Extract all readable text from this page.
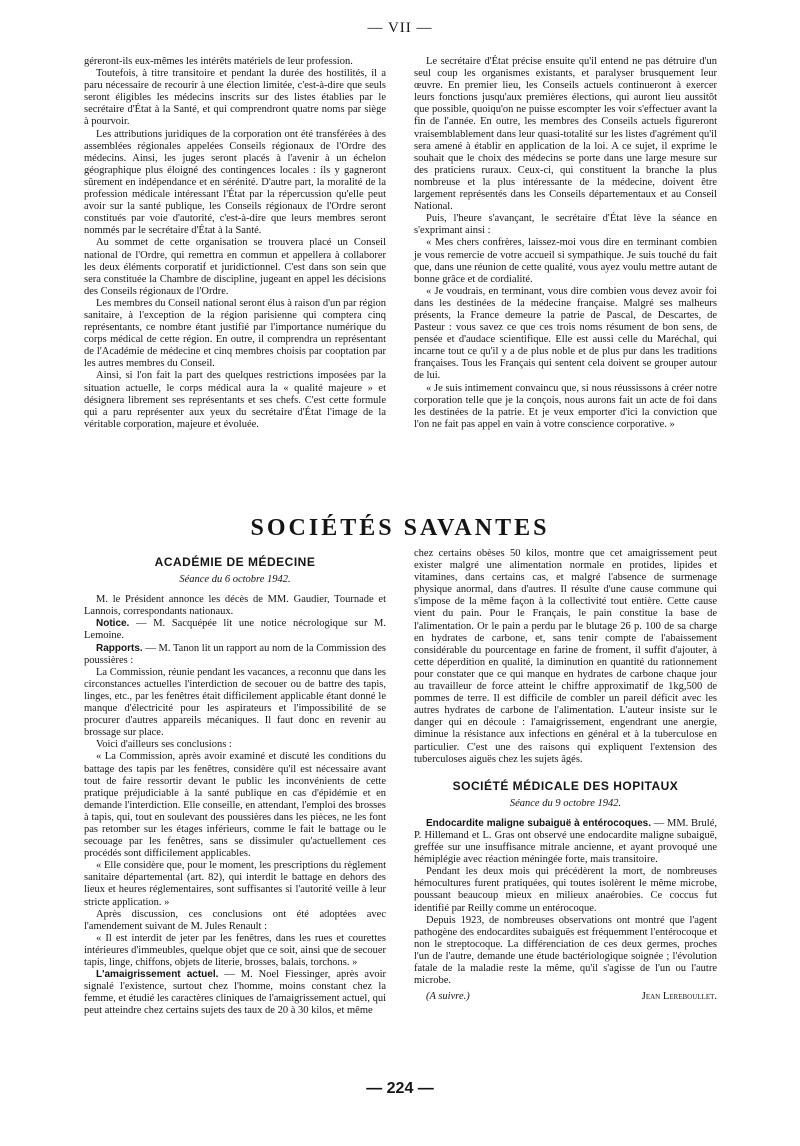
— VII —

géreront-ils eux-mêmes les intérêts matériels de leur profession.

Toutefois, à titre transitoire et pendant la durée des hostilités, il a paru nécessaire de recourir à une élection limitée, c'est-à-dire que seuls seront éligibles les médecins inscrits sur des listes établies par le secrétaire d'État à la Santé, et qui comprendront quatre noms par siège à pourvoir.

Les attributions juridiques de la corporation ont été transférées à des assemblées régionales appelées Conseils régionaux de l'Ordre des médecins. Ainsi, les juges seront placés à l'avenir à un échelon géographique plus éloigné des contingences locales : ils y gagneront sûrement en indépendance et en sérénité. D'autre part, la moralité de la profession médicale intéressant l'État par la répercussion qu'elle peut avoir sur la santé publique, les Conseils régionaux de l'Ordre seront constitués par voie d'autorité, c'est-à-dire que leurs membres seront nommés par le secrétaire d'État à la Santé.

Au sommet de cette organisation se trouvera placé un Conseil national de l'Ordre, qui remettra en commun et appellera à collaborer les deux éléments corporatif et juridictionnel. C'est dans son sein que sera constituée la Chambre de discipline, jugeant en appel les décisions des Conseils régionaux de l'Ordre.

Les membres du Conseil national seront élus à raison d'un par région sanitaire, à l'exception de la région parisienne qui comptera cinq représentants, ce nombre étant justifié par l'importance numérique du corps médical de cette région. En outre, il comprendra un représentant de l'Académie de médecine et cinq membres choisis par cooptation par les autres membres du Conseil.

Ainsi, si l'on fait la part des quelques restrictions imposées par la situation actuelle, le corps médical aura la « qualité majeure » et désignera librement ses représentants et ses chefs. C'est cette formule qui a paru représenter aux yeux du secrétaire d'État l'image de la véritable corporation, majeure et évoluée.

Le secrétaire d'État précise ensuite qu'il entend ne pas détruire d'un seul coup les organismes existants, et paralyser brusquement leur œuvre. En premier lieu, les Conseils actuels continueront à exercer leurs fonctions jusqu'aux premières élections, qui auront lieu aussitôt que possible, quoiqu'on ne puisse escompter les voir s'effectuer avant la fin de l'année. En outre, les membres des Conseils actuels figureront vraisemblablement dans leur quasi-totalité sur les listes d'agrément qu'il sera amené à établir en application de la loi. A ce sujet, il exprime le souhait que le choix des médecins se porte dans une large mesure sur des praticiens ruraux. Ceux-ci, qui constituent la branche la plus nombreuse et la plus intéressante de la médecine, doivent être largement représentés dans les Conseils départementaux et au Conseil National.

Puis, l'heure s'avançant, le secrétaire d'État lève la séance en s'exprimant ainsi :

« Mes chers confrères, laissez-moi vous dire en terminant combien je vous remercie de votre accueil si sympathique. Je suis touché du fait que, dans une réunion de cette qualité, vous ayez voulu mettre autant de bonne grâce et de cordialité.

« Je voudrais, en terminant, vous dire combien vous devez avoir foi dans les destinées de la médecine française. Malgré ses malheurs présents, la France demeure la patrie de Pascal, de Descartes, de Pasteur : vous savez ce que ces trois noms résument de bon sens, de pensée et d'audace scientifique. Elle est aussi celle du Maréchal, qui incarne tout ce qu'il y a de plus noble et de plus pur dans les traditions françaises. Tous les Français qui sentent cela doivent se grouper autour de lui.

« Je suis intimement convaincu que, si nous réussissons à créer notre corporation telle que je la conçois, nous aurons fait un acte de foi dans les destinées de la patrie. Et je veux emporter d'ici la conviction que l'on ne fait pas appel en vain à votre conscience corporative. »

SOCIÉTÉS SAVANTES
ACADÉMIE DE MÉDECINE
Séance du 6 octobre 1942.

M. le Président annonce les décès de MM. Gaudier, Tournade et Lannois, correspondants nationaux.

Notice. — M. Sacquépée lit une notice nécrologique sur M. Lemoine.

Rapports. — M. Tanon lit un rapport au nom de la Commission des poussières :

La Commission, réunie pendant les vacances, a reconnu que dans les circonstances actuelles l'interdiction de secouer ou de battre des tapis, linges, etc., par les fenêtres était difficilement applicable étant donné le manque d'électricité pour les aspirateurs et l'impossibilité de se procurer d'autres appareils mécaniques. Il faut donc en revenir au brossage sur place.

Voici d'ailleurs ses conclusions :

« La Commission, après avoir examiné et discuté les conditions du battage des tapis par les fenêtres, considère qu'il est nécessaire avant tout de faire ressortir devant le public les inconvénients de cette pratique préjudiciable à la santé publique en cas d'épidémie et en demande l'interdiction. Elle conseille, en attendant, l'emploi des brosses à tapis, qui, tout en soulevant des poussières dans les pièces, ne les font pas retomber sur les étages inférieurs, comme le fait le battage ou le secouage par les fenêtres, sans se dissimuler qu'actuellement ces procédés sont difficilement applicables.

« Elle considère que, pour le moment, les prescriptions du règlement sanitaire départemental (art. 82), qui interdit le battage en dehors des lieux et heures réglementaires, sont suffisantes si l'autorité veille à leur stricte application. »

Après discussion, ces conclusions ont été adoptées avec l'amendement suivant de M. Jules Renault :

« Il est interdit de jeter par les fenêtres, dans les rues et courettes intérieures d'immeubles, quelque objet que ce soit, ainsi que de secouer tapis, linge, chiffons, objets de literie, brosses, balais, torchons. »

L'amaigrissement actuel. — M. Noel Fiessinger, après avoir signalé l'existence, surtout chez l'homme, moins constant chez la femme, et étudié les caractères cliniques de l'amaigrissement actuel, qui peut atteindre chez certains sujets des taux de 20 à 30 kilos, et même

chez certains obèses 50 kilos, montre que cet amaigrissement peut exister malgré une alimentation normale en protides, lipides et vitamines, dans certains cas, et malgré l'absence de surmenage physique anormal, dans d'autres. Il résulte d'une cause commune qui s'impose de la même façon à la collectivité tout entière. Cette cause vient du pain. Pour le Français, le pain constitue la base de l'alimentation. Or le pain a perdu par le blutage 26 p. 100 de sa charge en hydrates de carbone, et, sans tenir compte de l'abaissement considérable du pourcentage en farine de froment, il suffit d'ajouter, à cette déperdition en qualité, la diminution en quantité du rationnement pour constater que ce qui manque en hydrates de carbone chaque jour au travailleur de force atteint le chiffre approximatif de 1kg,500 de pommes de terre. Il est difficile de combler un pareil déficit avec les autres hydrates de carbone de l'alimentation. L'auteur insiste sur le danger qui en découle : l'amaigrissement, engendrant une anergie, diminue la résistance aux infections en général et à la tuberculose en particulier. C'est une des raisons qui expliquent l'extension des tuberculoses aiguës chez les sujets âgés.

SOCIÉTÉ MÉDICALE DES HOPITAUX
Séance du 9 octobre 1942.

Endocardite maligne subaiguë à entérocoques. — MM. Brulé, P. Hillemand et L. Gras ont observé une endocardite maligne subaiguë, greffée sur une insuffisance mitrale ancienne, et ayant provoqué une hémiplégie avec réaction méningée forte, mais transitoire.

Pendant les deux mois qui précédèrent la mort, de nombreuses hémocultures furent pratiquées, qui toutes isolèrent le même microbe, poussant beaucoup mieux en milieux anaérobies. Ce coccus fut identifié par Reilly comme un entérocoque.

Depuis 1923, de nombreuses observations ont montré que l'agent pathogène des endocardites subaiguës est fréquemment l'entérocoque et non le streptocoque. La différenciation de ces deux germes, proches l'un de l'autre, demande une étude bactériologique soignée ; l'évolution fatale de la maladie reste la même, qu'il s'agisse de l'un ou l'autre microbe.

(A suivre.)	Jean Lereboullet.
— 224 —
